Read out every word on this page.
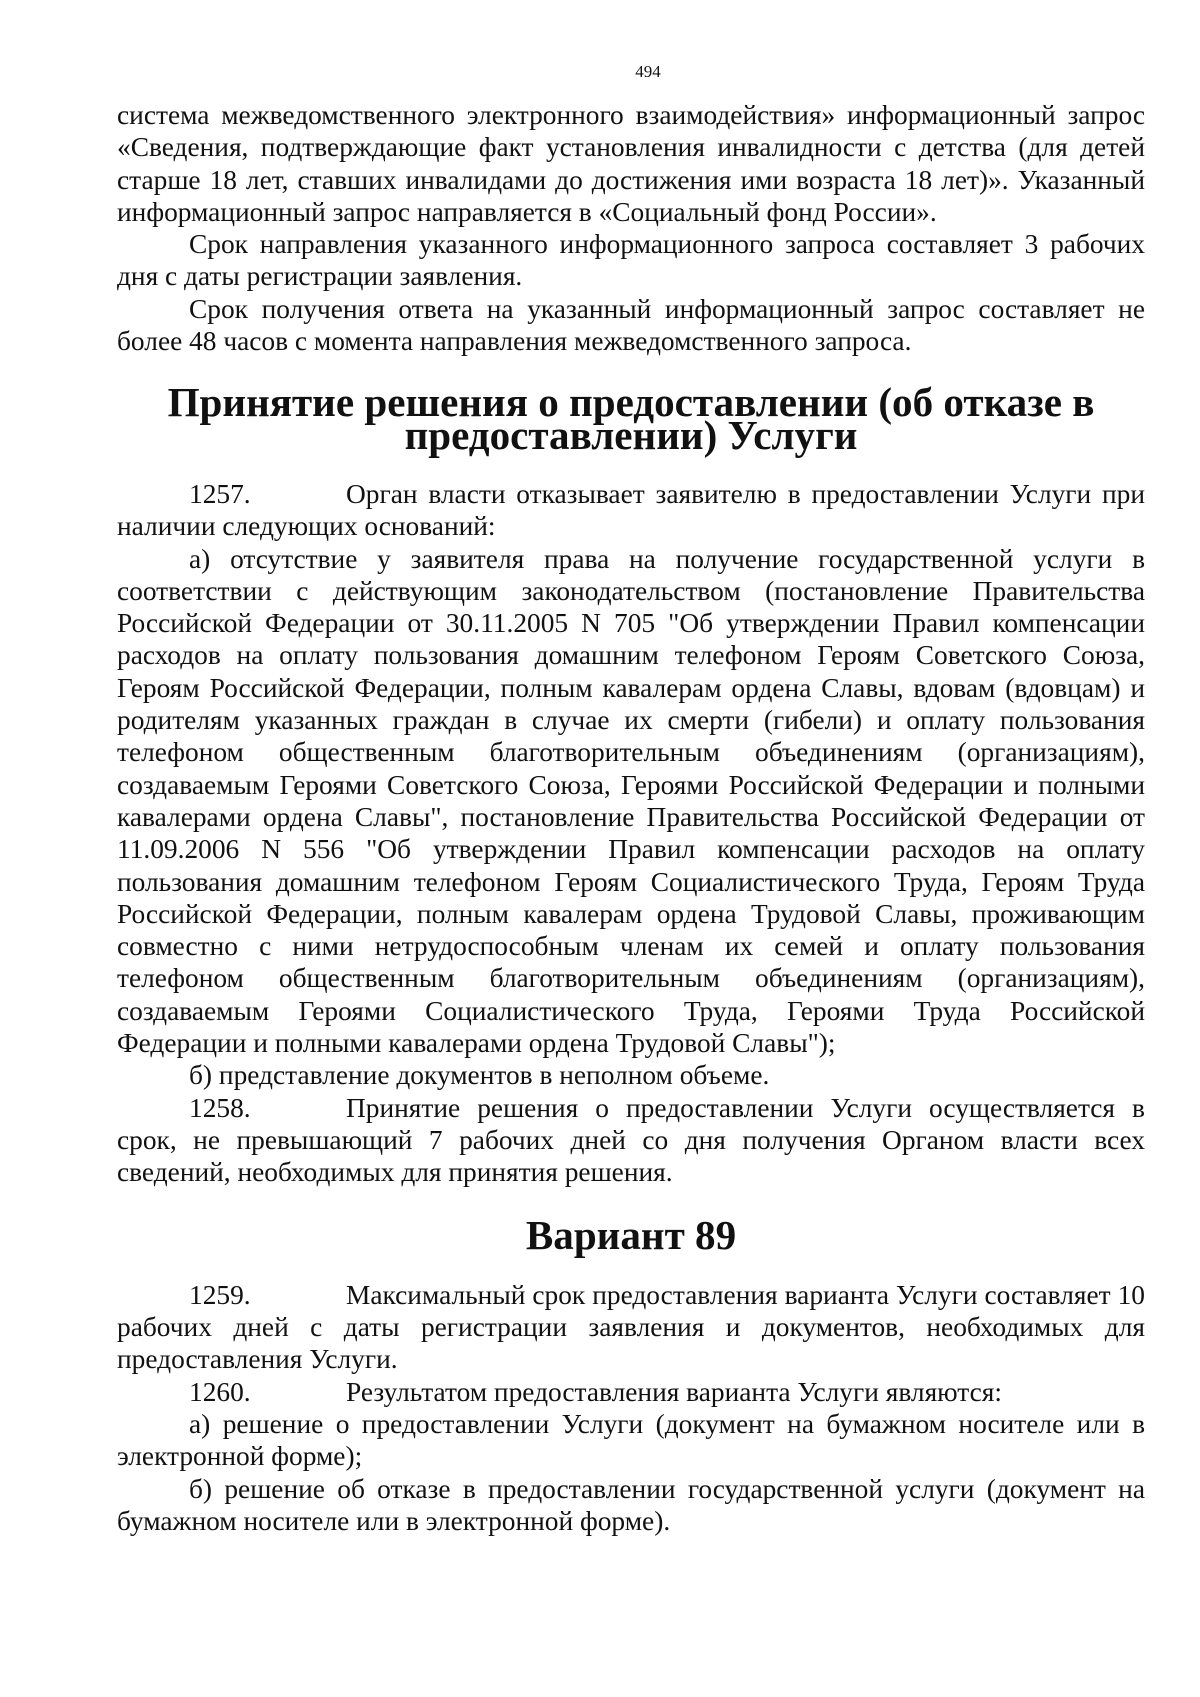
494

система межведомственного электронного взаимодействия» информационный запрос «Сведения, подтверждающие факт установления инвалидности с детства (для детей старше 18 лет, ставших инвалидами до достижения ими возраста 18 лет)». Указанный информационный запрос направляется в «Социальный фонд России».

Срок направления указанного информационного запроса составляет 3 рабочих дня с даты регистрации заявления.

Срок получения ответа на указанный информационный запрос составляет не более 48 часов с момента направления межведомственного запроса.

Принятие решения о предоставлении (об отказе в предоставлении) Услуги

1257.	Орган власти отказывает заявителю в предоставлении Услуги при наличии следующих оснований:

а) отсутствие у заявителя права на получение государственной услуги в соответствии с действующим законодательством (постановление Правительства Российской Федерации от 30.11.2005 N 705 "Об утверждении Правил компенсации расходов на оплату пользования домашним телефоном Героям Советского Союза, Героям Российской Федерации, полным кавалерам ордена Славы, вдовам (вдовцам) и родителям указанных граждан в случае их смерти (гибели) и оплату пользования телефоном общественным благотворительным объединениям (организациям), создаваемым Героями Советского Союза, Героями Российской Федерации и полными кавалерами ордена Славы", постановление Правительства Российской Федерации от 11.09.2006 N 556 "Об утверждении Правил компенсации расходов на оплату пользования домашним телефоном Героям Социалистического Труда, Героям Труда Российской Федерации, полным кавалерам ордена Трудовой Славы, проживающим совместно с ними нетрудоспособным членам их семей и оплату пользования телефоном общественным благотворительным объединениям (организациям), создаваемым Героями Социалистического Труда, Героями Труда Российской Федерации и полными кавалерами ордена Трудовой Славы");

б) представление документов в неполном объеме.

1258.	Принятие решения о предоставлении Услуги осуществляется в срок, не превышающий 7 рабочих дней со дня получения Органом власти всех сведений, необходимых для принятия решения.

Вариант 89

1259.	Максимальный срок предоставления варианта Услуги составляет 10 рабочих дней с даты регистрации заявления и документов, необходимых для предоставления Услуги.

1260.	Результатом предоставления варианта Услуги являются:

а) решение о предоставлении Услуги (документ на бумажном носителе или в электронной форме);

б) решение об отказе в предоставлении государственной услуги (документ на бумажном носителе или в электронной форме).
